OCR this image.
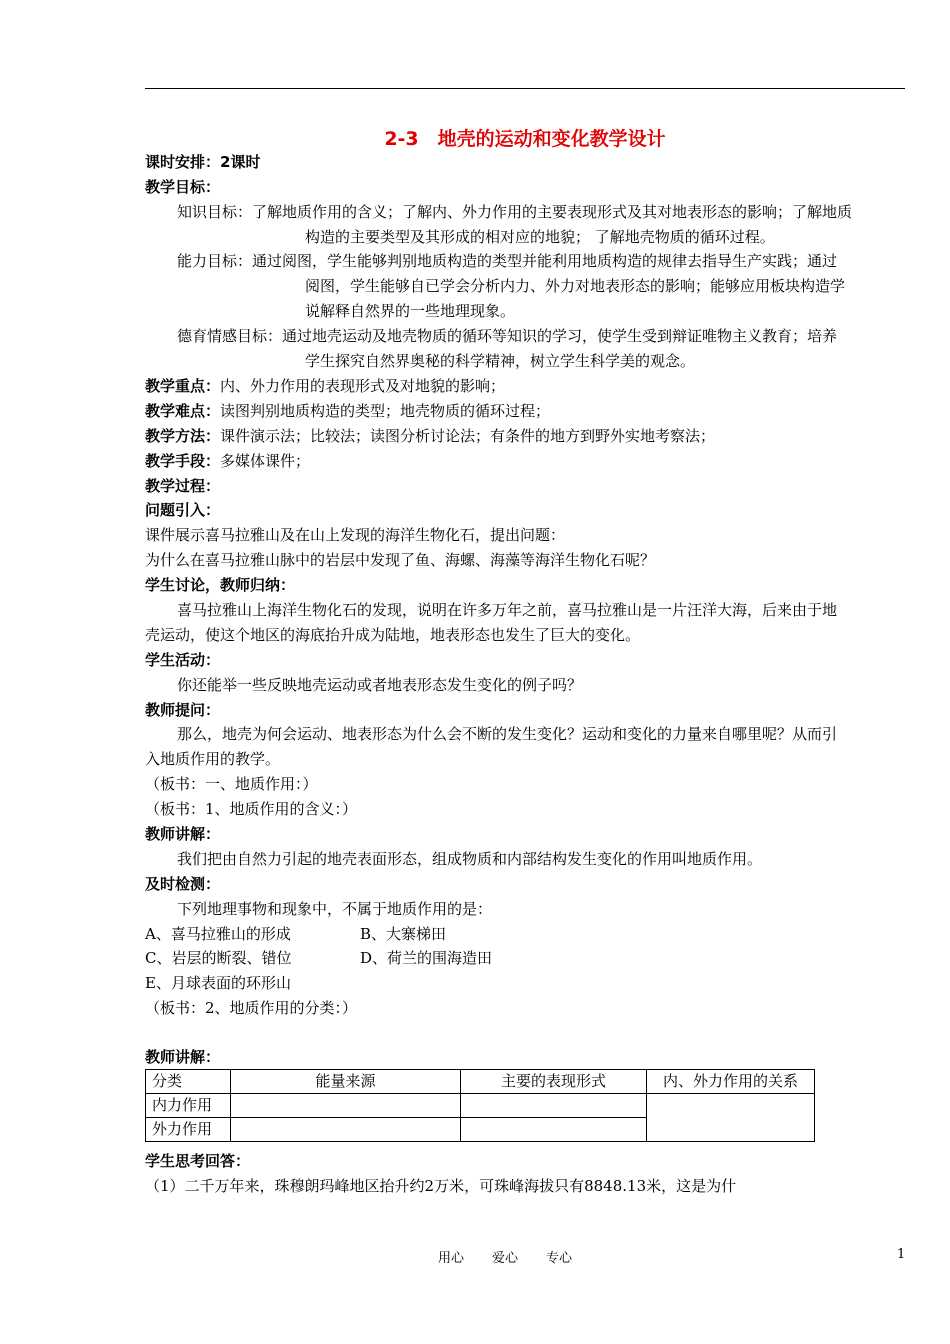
2-3　地壳的运动和变化教学设计
课时安排：2课时
教学目标：
知识目标：了解地质作用的含义；了解内、外力作用的主要表现形式及其对地表形态的影响；了解地质
构造的主要类型及其形成的相对应的地貌； 了解地壳物质的循环过程。
能力目标：通过阅图，学生能够判别地质构造的类型并能利用地质构造的规律去指导生产实践；通过
阅图，学生能够自已学会分析内力、外力对地表形态的影响；能够应用板块构造学
说解释自然界的一些地理现象。
德育情感目标：通过地壳运动及地壳物质的循环等知识的学习，使学生受到辩证唯物主义教育；培养
学生探究自然界奥秘的科学精神，树立学生科学美的观念。
教学重点：内、外力作用的表现形式及对地貌的影响；
教学难点：读图判别地质构造的类型；地壳物质的循环过程；
教学方法：课件演示法；比较法；读图分析讨论法；有条件的地方到野外实地考察法；
教学手段：多媒体课件；
教学过程：
问题引入：
课件展示喜马拉雅山及在山上发现的海洋生物化石，提出问题：
为什么在喜马拉雅山脉中的岩层中发现了鱼、海螺、海藻等海洋生物化石呢？
学生讨论，教师归纳：
喜马拉雅山上海洋生物化石的发现，说明在许多万年之前，喜马拉雅山是一片汪洋大海，后来由于地
壳运动，使这个地区的海底抬升成为陆地，地表形态也发生了巨大的变化。
学生活动：
你还能举一些反映地壳运动或者地表形态发生变化的例子吗？
教师提问：
那么，地壳为何会运动、地表形态为什么会不断的发生变化？运动和变化的力量来自哪里呢？从而引
入地质作用的教学。
（板书：一、地质作用：）
（板书：1、地质作用的含义：）
教师讲解：
我们把由自然力引起的地壳表面形态，组成物质和内部结构发生变化的作用叫地质作用。
及时检测：
下列地理事物和现象中，不属于地质作用的是：
A、喜马拉雅山的形成	B、大寨梯田
C、岩层的断裂、错位	D、荷兰的围海造田
E、月球表面的环形山
（板书：2、地质作用的分类：）
教师讲解：
分类	能量来源	主要的表现形式	内、外力作用的关系
内力作用			
外力作用			
学生思考回答：
（1）二千万年来，珠穆朗玛峰地区抬升约2万米，可珠峰海拔只有8848.13米，这是为什
用心 爱心 专心	1
